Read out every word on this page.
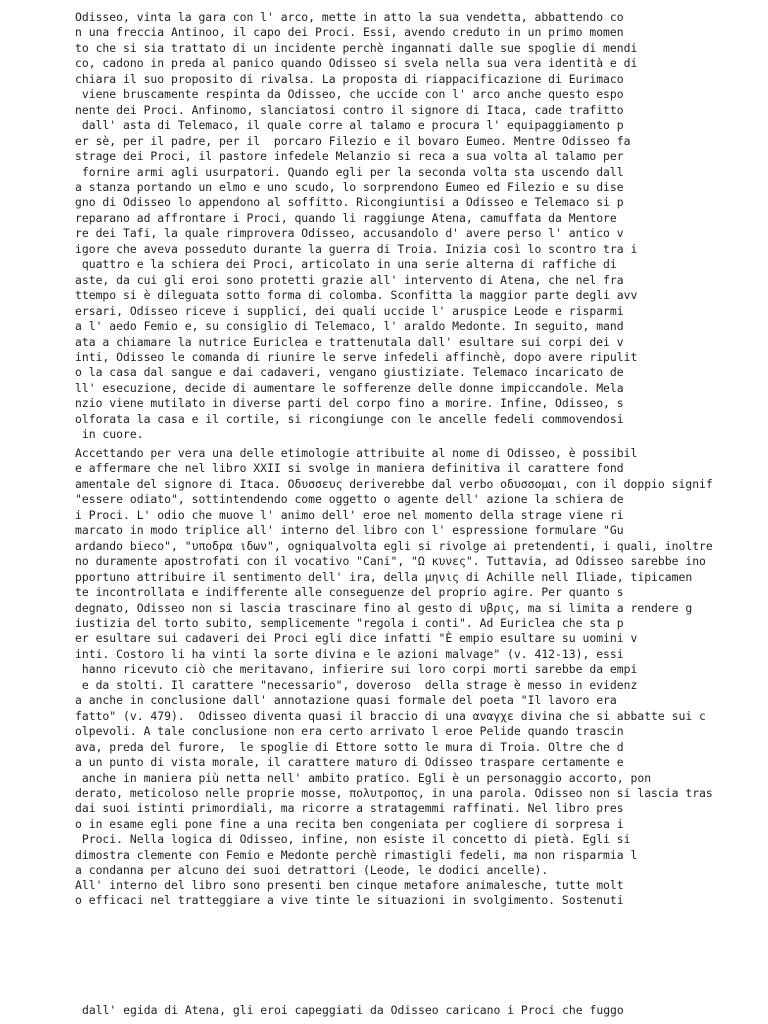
Odisseo, vinta la gara con l' arco, mette in atto la sua vendetta, abbattendo co
n una freccia Antinoo, il capo dei Proci. Essi, avendo creduto in un primo momen
to che si sia trattato di un incidente perchè ingannati dalle sue spoglie di mendi
co, cadono in preda al panico quando Odisseo si svela nella sua vera identità e di
chiara il suo proposito di rivalsa. La proposta di riappacificazione di Eurimaco
viene bruscamente respinta da Odisseo, che uccide con l' arco anche questo espo
nente dei Proci. Anfinomo, slanciatosi contro il signore di Itaca, cade trafitto
dall' asta di Telemaco, il quale corre al talamo e procura l' equipaggiamento p
er sè, per il padre, per il  porcaro Filezio e il bovaro Eumeo. Mentre Odisseo fa
strage dei Proci, il pastore infedele Melanzio si reca a sua volta al talamo per
fornire armi agli usurpatori. Quando egli per la seconda volta sta uscendo dall
a stanza portando un elmo e uno scudo, lo sorprendono Eumeo ed Filezio e su dise
gno di Odisseo lo appendono al soffitto. Ricongiuntisi a Odisseo e Telemaco si p
reparano ad affrontare i Proci, quando li raggiunge Atena, camuffata da Mentore
re dei Tafi, la quale rimprovera Odisseo, accusandolo d' avere perso l' antico v
igore che aveva posseduto durante la guerra di Troia. Inizia così lo scontro tra i
quattro e la schiera dei Proci, articolato in una serie alterna di raffiche di
aste, da cui gli eroi sono protetti grazie all' intervento di Atena, che nel fra
ttempo si è dileguata sotto forma di colomba. Sconfitta la maggior parte degli avv
ersari, Odisseo riceve i supplici, dei quali uccide l' aruspice Leode e risparmi
a l' aedo Femio e, su consiglio di Telemaco, l' araldo Medonte. In seguito, mand
ata a chiamare la nutrice Euriclea e trattenutala dall' esultare sui corpi dei v
inti, Odisseo le comanda di riunire le serve infedeli affinchè, dopo avere ripulit
o la casa dal sangue e dai cadaveri, vengano giustiziate. Telemaco incaricato de
ll' esecuzione, decide di aumentare le sofferenze delle donne impiccandole. Mela
nzio viene mutilato in diverse parti del corpo fino a morire. Infine, Odisseo, s
olforata la casa e il cortile, si ricongiunge con le ancelle fedeli commovendosi
in cuore.

Accettando per vera una delle etimologie attribuite al nome di Odisseo, è possibil
e affermare che nel libro XXII si svolge in maniera definitiva il carattere fond
amentale del signore di Itaca. Οδυσσευς deriverebbe dal verbo οδυσσομαι, con il doppio signif
"essere odiato", sottintendendo come oggetto o agente dell' azione la schiera de
i Proci. L' odio che muove l' animo dell' eroe nel momento della strage viene ri
marcato in modo triplice all' interno del libro con l' espressione formulare "Gu
ardando bieco", "υποδρα ιδων", ogniqualvolta egli si rivolge ai pretendenti, i quali, inoltre
no duramente apostrofati con il vocativo "Cani", "Ω κυνες". Tuttavia, ad Odisseo sarebbe ino
pportuno attribuire il sentimento dell' ira, della μηνις di Achille nell Iliade, tipicamen
te incontrollata e indifferente alle conseguenze del proprio agire. Per quanto s
degnato, Odisseo non si lascia trascinare fino al gesto di υβρις, ma si limita a rendere g
iustizia del torto subito, semplicemente "regola i conti". Ad Euriclea che sta p
er esultare sui cadaveri dei Proci egli dice infatti "È empio esultare su uomini v
inti. Costoro li ha vinti la sorte divina e le azioni malvage" (v. 412-13), essi
hanno ricevuto ciò che meritavano, infierire sui loro corpi morti sarebbe da empi
e da stolti. Il carattere "necessario", doveroso  della strage è messo in evidenz
a anche in conclusione dall' annotazione quasi formale del poeta "Il lavoro era
fatto" (v. 479).  Odisseo diventa quasi il braccio di una αναγχε divina che si abbatte sui c
olpevoli. A tale conclusione non era certo arrivato l eroe Pelide quando trascin
ava, preda del furore,  le spoglie di Ettore sotto le mura di Troia. Oltre che d
a un punto di vista morale, il carattere maturo di Odisseo traspare certamente e
anche in maniera più netta nell' ambito pratico. Egli è un personaggio accorto, pon
derato, meticoloso nelle proprie mosse, πολυτροπος, in una parola. Odisseo non si lascia tras
dai suoi istinti primordiali, ma ricorre a stratagemmi raffinati. Nel libro pres
o in esame egli pone fine a una recita ben congeniata per cogliere di sorpresa i
Proci. Nella logica di Odisseo, infine, non esiste il concetto di pietà. Egli si
dimostra clemente con Femio e Medonte perchè rimastigli fedeli, ma non risparmia l
a condanna per alcuno dei suoi detrattori (Leode, le dodici ancelle).

All' interno del libro sono presenti ben cinque metafore animalesche, tutte molt
o efficaci nel tratteggiare a vive tinte le situazioni in svolgimento. Sostenuti

dall' egida di Atena, gli eroi capeggiati da Odisseo caricano i Proci che fuggo
